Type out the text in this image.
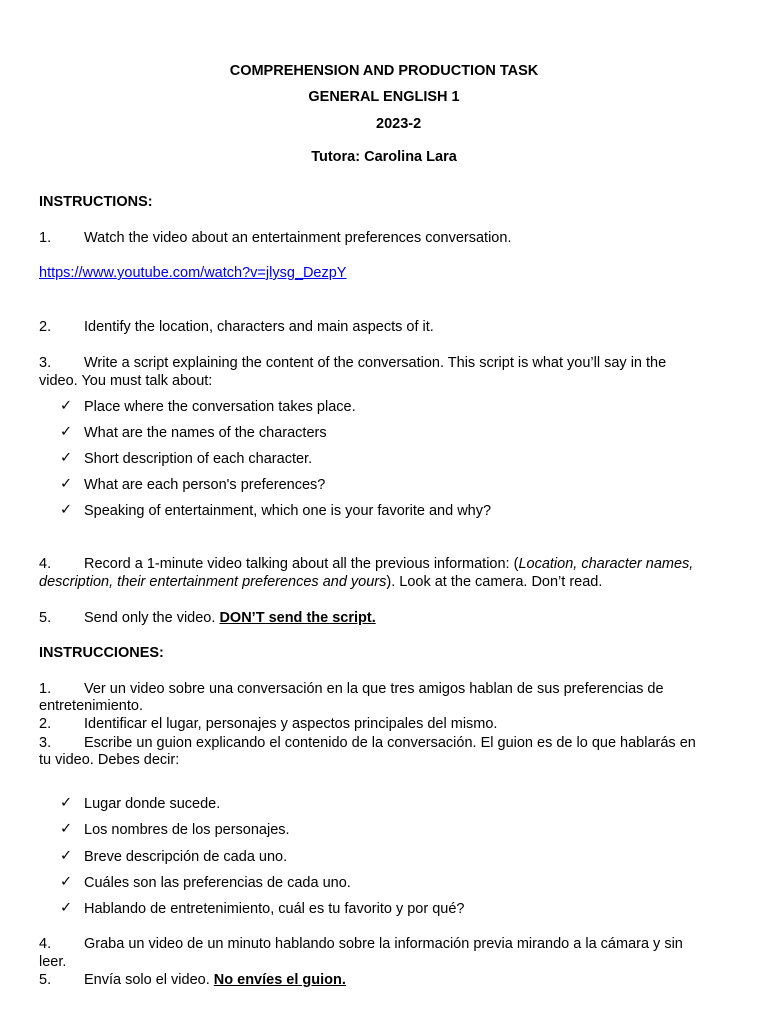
COMPREHENSION AND PRODUCTION TASK
GENERAL ENGLISH 1
2023-2
Tutora: Carolina Lara
INSTRUCTIONS:
1. Watch the video about an entertainment preferences conversation.
https://www.youtube.com/watch?v=jlysg_DezpY
2. Identify the location, characters and main aspects of it.
3. Write a script explaining the content of the conversation. This script is what you’ll say in the
video. You must talk about:
✓ Place where the conversation takes place.
✓ What are the names of the characters
✓ Short description of each character.
✓ What are each person's preferences?
✓ Speaking of entertainment, which one is your favorite and why?
4. Record a 1-minute video talking about all the previous information: (Location, character names,
description, their entertainment preferences and yours). Look at the camera. Don’t read.
5. Send only the video. DON’T send the script.
INSTRUCCIONES:
1. Ver un video sobre una conversación en la que tres amigos hablan de sus preferencias de
entretenimiento.
2. Identificar el lugar, personajes y aspectos principales del mismo.
3. Escribe un guion explicando el contenido de la conversación. El guion es de lo que hablarás en
tu video. Debes decir:
✓ Lugar donde sucede.
✓ Los nombres de los personajes.
✓ Breve descripción de cada uno.
✓ Cuáles son las preferencias de cada uno.
✓ Hablando de entretenimiento, cuál es tu favorito y por qué?
4. Graba un video de un minuto hablando sobre la información previa mirando a la cámara y sin
leer.
5. Envía solo el video. No envíes el guion.
